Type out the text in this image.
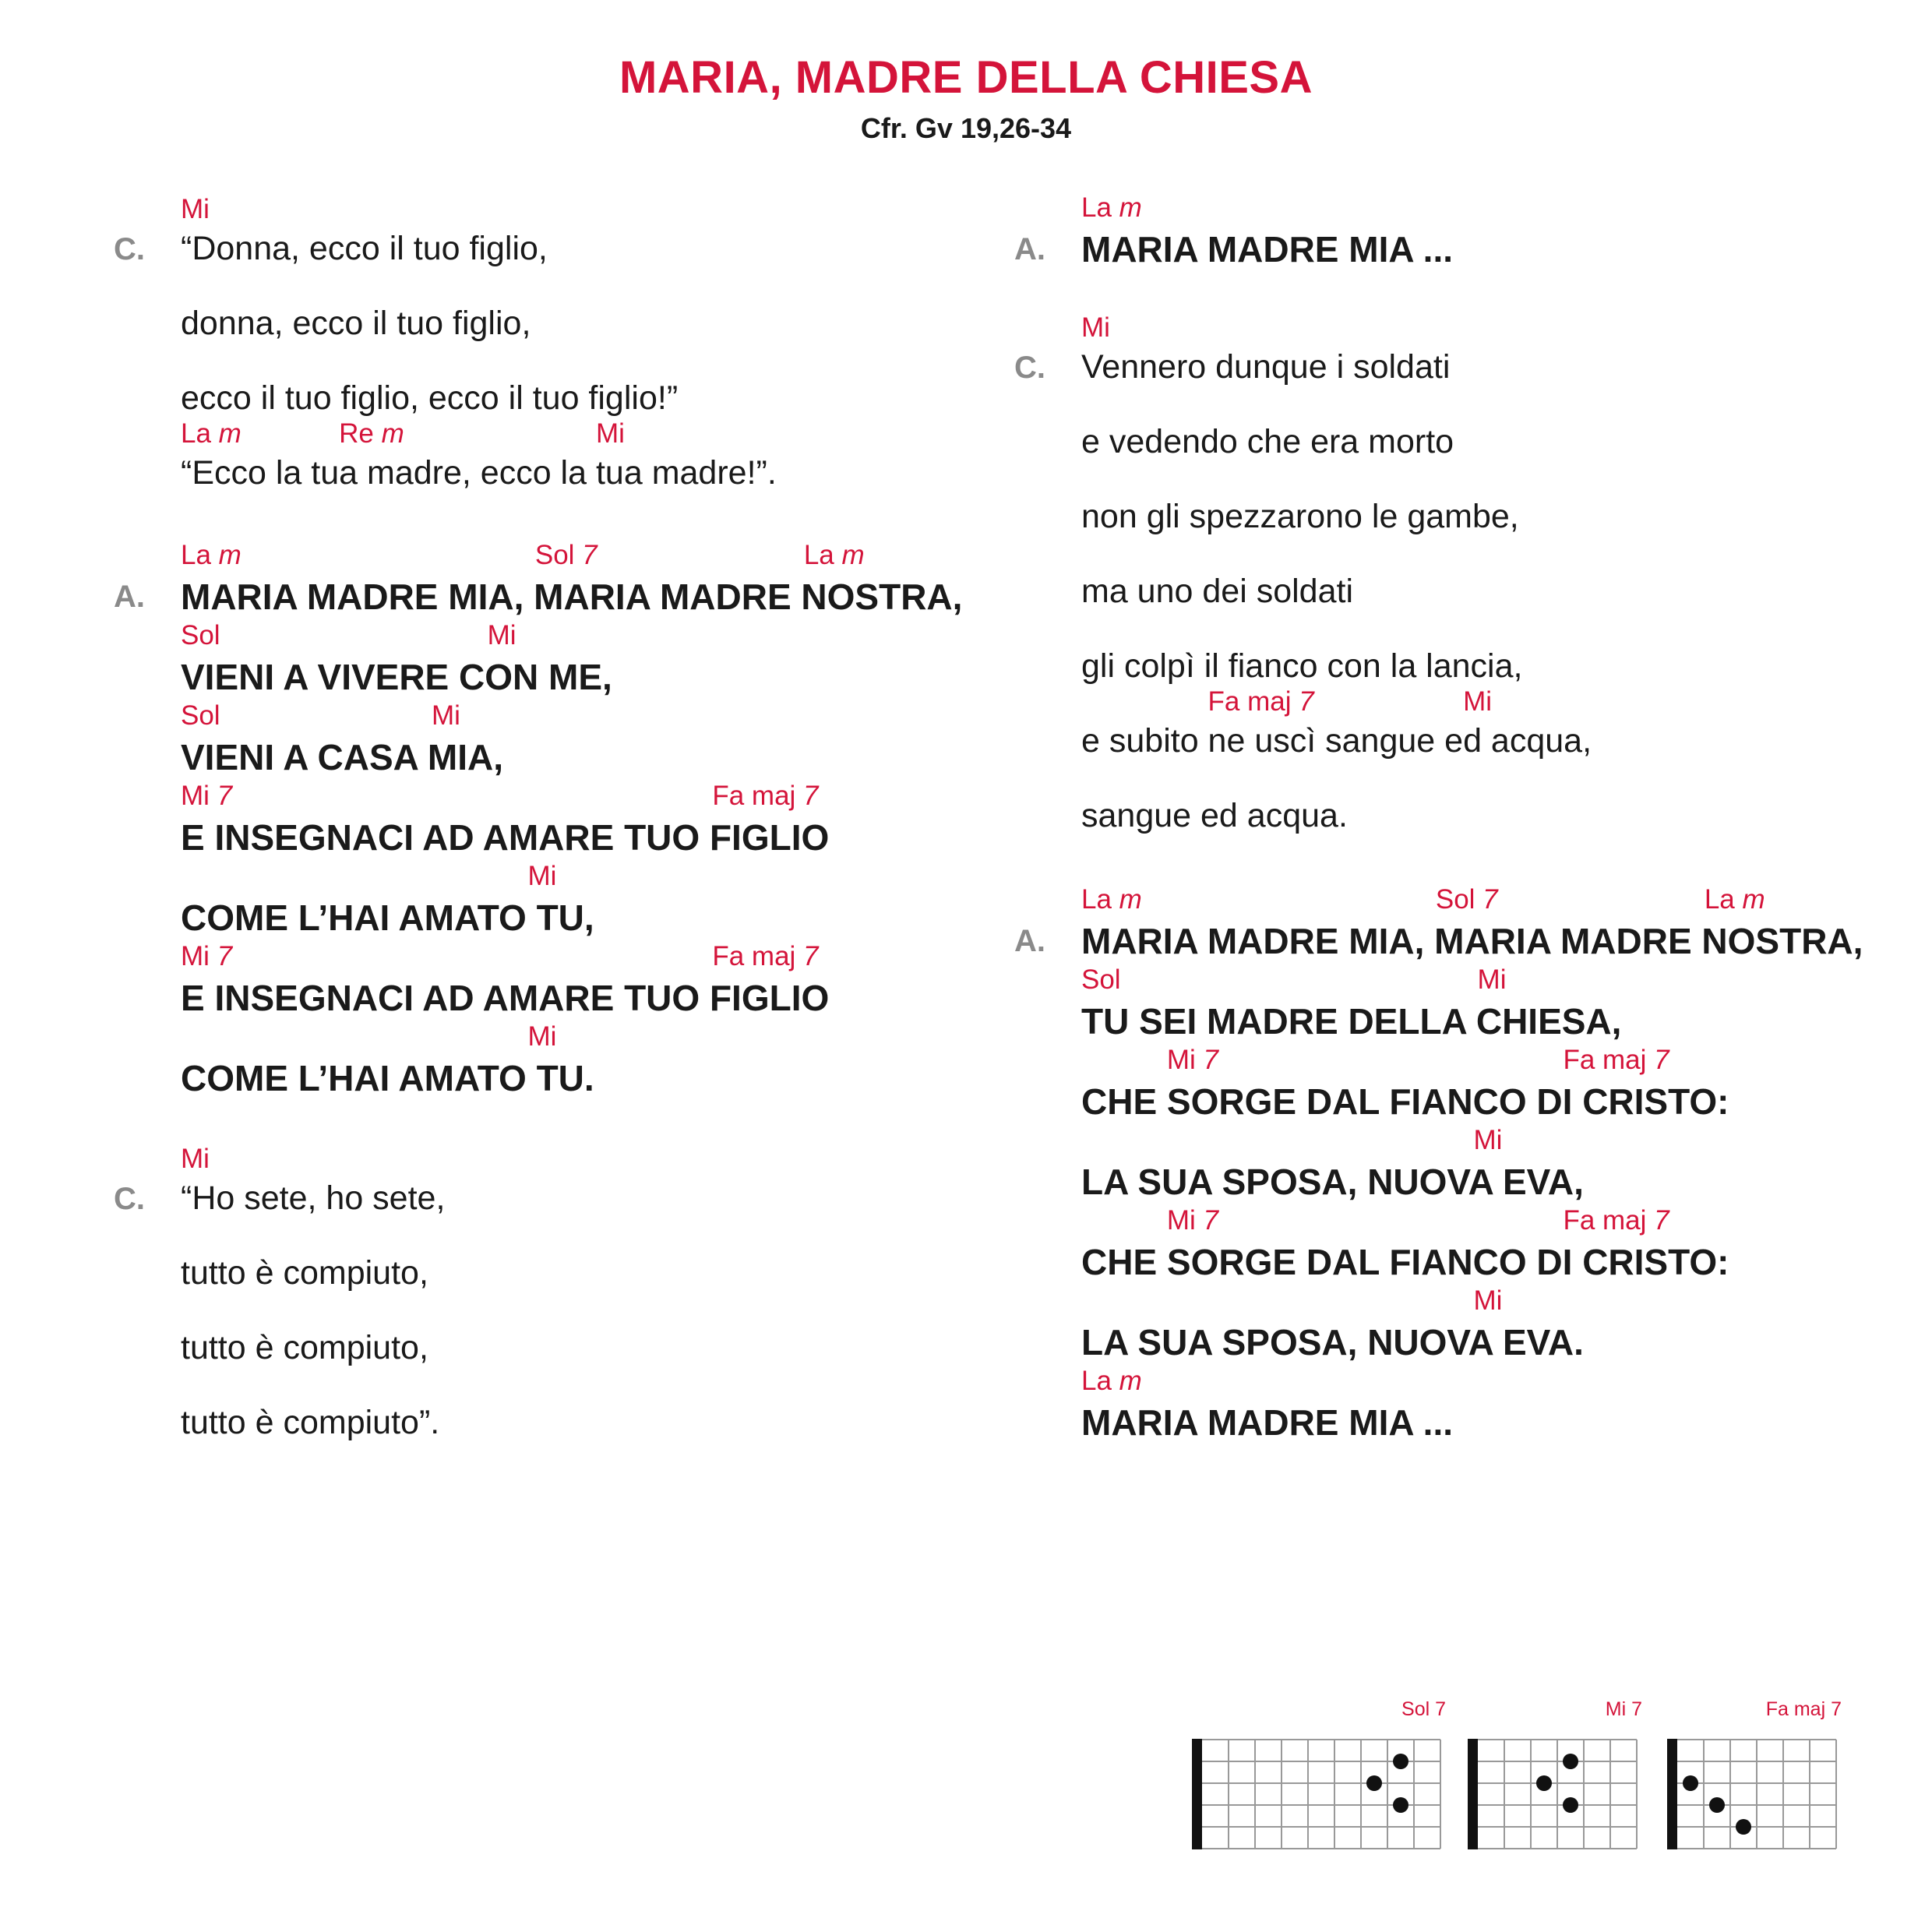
MARIA, MADRE DELLA CHIESA
Cfr. Gv 19,26-34
C. “Donna, ecco il tuo figlio,
Mi
donna, ecco il tuo figlio,
ecco il tuo figlio, ecco il tuo figlio!”
“Ecco la tua madre, ecco la tua madre!”.
La m	Re m	Mi
A. MARIA MADRE MIA, MARIA MADRE NOSTRA,
La m	Sol 7	La m
VIENI A VIVERE CON ME,
Sol	Mi
VIENI A CASA MIA,
Sol	Mi
E INSEGNACI AD AMARE TUO FIGLIO
Mi 7	Fa maj 7
COME L’HAI AMATO TU,
Mi
E INSEGNACI AD AMARE TUO FIGLIO
Mi 7	Fa maj 7
COME L’HAI AMATO TU.
Mi
C. “Ho sete, ho sete,
Mi
tutto è compiuto,
tutto è compiuto,
tutto è compiuto”.
A. MARIA MADRE MIA ...
La m
C. Vennero dunque i soldati
Mi
e vedendo che era morto
non gli spezzarono le gambe,
ma uno dei soldati
gli colpì il fianco con la lancia,
e subito ne uscì sangue ed acqua,
Fa maj 7	Mi
sangue ed acqua.
A. MARIA MADRE MIA, MARIA MADRE NOSTRA,
La m	Sol 7	La m
TU SEI MADRE DELLA CHIESA,
Sol	Mi
CHE SORGE DAL FIANCO DI CRISTO:
Mi 7	Fa maj 7
LA SUA SPOSA, NUOVA EVA,
Mi
CHE SORGE DAL FIANCO DI CRISTO:
Mi 7	Fa maj 7
LA SUA SPOSA, NUOVA EVA.
Mi
MARIA MADRE MIA ...
La m
Sol 7	Mi 7	Fa maj 7
